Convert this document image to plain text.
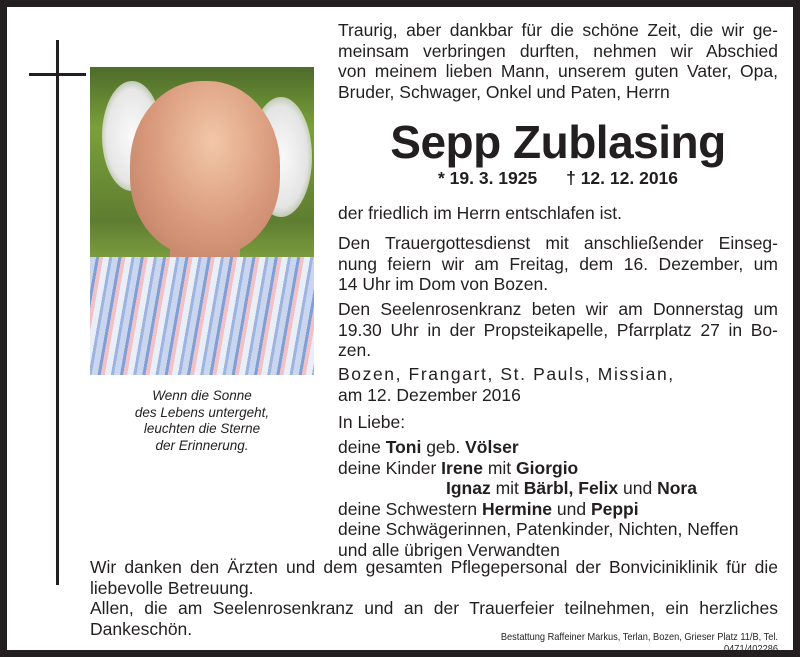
Wenn die Sonne
des Lebens untergeht,
leuchten die Sterne
der Erinnerung.
Traurig, aber dankbar für die schöne Zeit, die wir ge-
meinsam verbringen durften, nehmen wir Abschied
von meinem lieben Mann, unserem guten Vater, Opa,
Bruder, Schwager, Onkel und Paten, Herrn
Sepp Zublasing
* 19. 3. 1925 † 12. 12. 2016
der friedlich im Herrn entschlafen ist.
Den Trauergottesdienst mit anschließender Einseg-
nung feiern wir am Freitag, dem 16. Dezember, um
14 Uhr im Dom von Bozen.
Den Seelenrosenkranz beten wir am Donnerstag um
19.30 Uhr in der Propsteikapelle, Pfarrplatz 27 in Bo-
zen.
Bozen, Frangart, St. Pauls, Missian,
am 12. Dezember 2016
In Liebe:
deine Toni geb. Völser
deine Kinder Irene mit Giorgio
Ignaz mit Bärbl, Felix und Nora
deine Schwestern Hermine und Peppi
deine Schwägerinnen, Patenkinder, Nichten, Neffen
und alle übrigen Verwandten
Wir danken den Ärzten und dem gesamten Pflegepersonal der Bonviciniklinik für die
liebevolle Betreuung.
Allen, die am Seelenrosenkranz und an der Trauerfeier teilnehmen, ein herzliches
Dankeschön.	Bestattung Raffeiner Markus, Terlan, Bozen, Grieser Platz 11/B, Tel. 0471/402286
